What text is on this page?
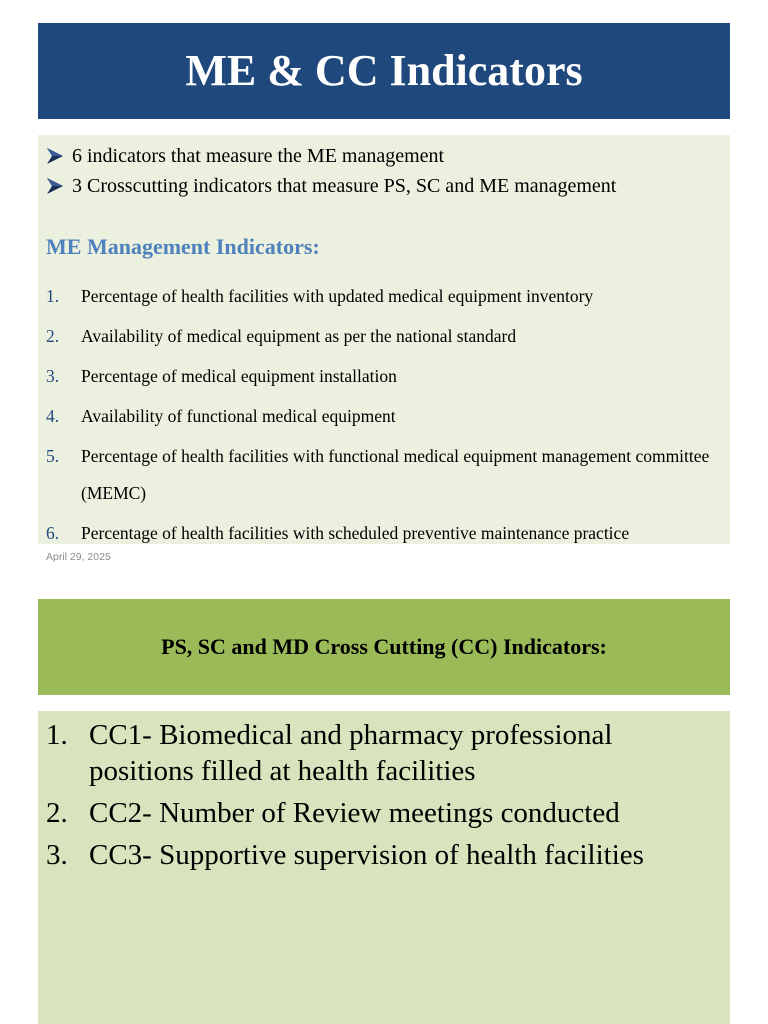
ME & CC Indicators
6 indicators that measure the ME management
3 Crosscutting indicators that measure PS, SC and ME management
ME Management Indicators:
1.	Percentage of health facilities with updated medical equipment inventory
2.	Availability of medical equipment as per the national standard
3.	Percentage of medical equipment installation
4.	Availability of functional medical equipment
5.	Percentage of health facilities with functional medical equipment management committee (MEMC)
6.	Percentage of health facilities with scheduled preventive maintenance practice
April 29, 2025
PS, SC and MD Cross Cutting (CC) Indicators:
1. CC1- Biomedical and pharmacy professional positions filled at health facilities
2. CC2- Number of Review meetings conducted
3. CC3- Supportive supervision of health facilities
